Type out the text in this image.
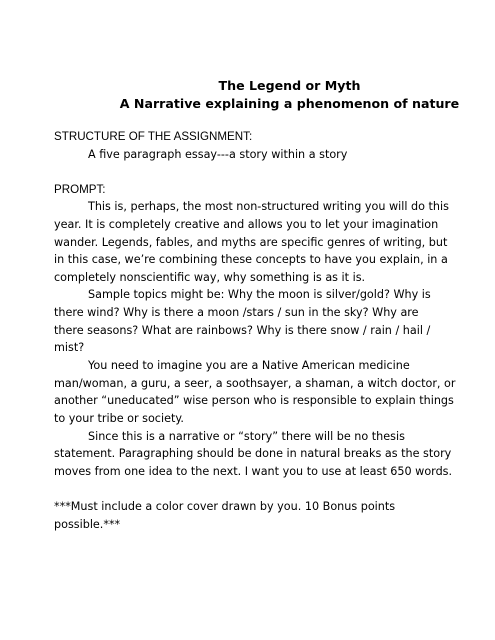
The Legend or Myth
A Narrative explaining a phenomenon of nature
STRUCTURE OF THE ASSIGNMENT:
A five paragraph essay---a story within a story
PROMPT:
This is, perhaps, the most non-structured writing you will do this
year. It is completely creative and allows you to let your imagination
wander. Legends, fables, and myths are specific genres of writing, but
in this case, we’re combining these concepts to have you explain, in a
completely nonscientific way, why something is as it is.
Sample topics might be: Why the moon is silver/gold? Why is
there wind? Why is there a moon /stars / sun in the sky? Why are
there seasons? What are rainbows? Why is there snow / rain / hail /
mist?
You need to imagine you are a Native American medicine
man/woman, a guru, a seer, a soothsayer, a shaman, a witch doctor, or
another “uneducated” wise person who is responsible to explain things
to your tribe or society.
Since this is a narrative or “story” there will be no thesis
statement. Paragraphing should be done in natural breaks as the story
moves from one idea to the next. I want you to use at least 650 words.
***Must include a color cover drawn by you. 10 Bonus points
possible.***
